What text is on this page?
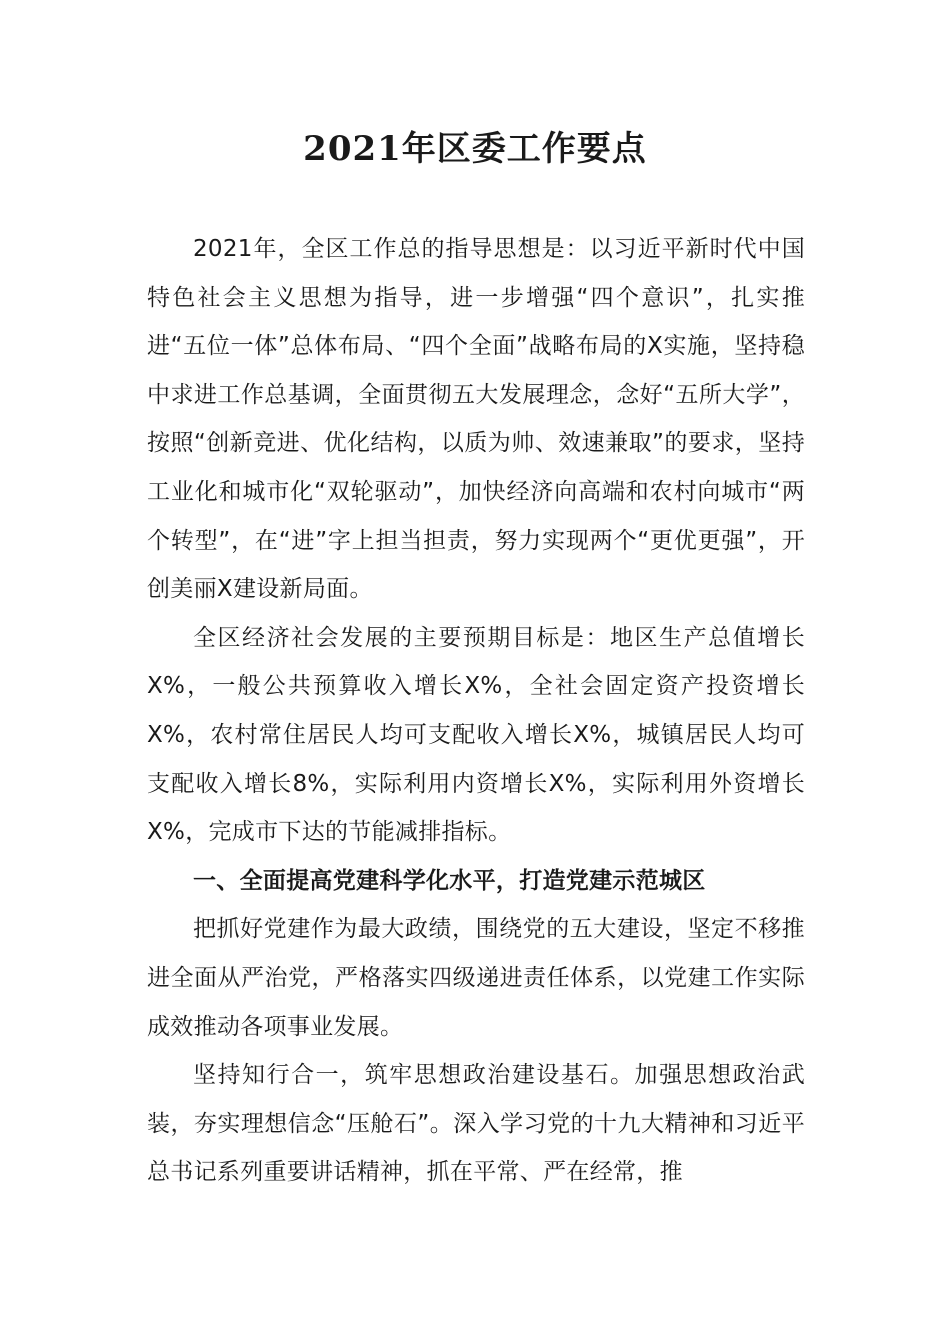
2021年区委工作要点

2021年，全区工作总的指导思想是：以习近平新时代中国特色社会主义思想为指导，进一步增强“四个意识”，扎实推进“五位一体”总体布局、“四个全面”战略布局的X实施，坚持稳中求进工作总基调，全面贯彻五大发展理念，念好“五所大学”，按照“创新竞进、优化结构，以质为帅、效速兼取”的要求，坚持工业化和城市化“双轮驱动”，加快经济向高端和农村向城市“两个转型”，在“进”字上担当担责，努力实现两个“更优更强”，开创美丽X建设新局面。

全区经济社会发展的主要预期目标是：地区生产总值增长X%，一般公共预算收入增长X%，全社会固定资产投资增长X%，农村常住居民人均可支配收入增长X%，城镇居民人均可支配收入增长8%，实际利用内资增长X%，实际利用外资增长X%，完成市下达的节能减排指标。

一、全面提高党建科学化水平，打造党建示范城区

把抓好党建作为最大政绩，围绕党的五大建设，坚定不移推进全面从严治党，严格落实四级递进责任体系，以党建工作实际成效推动各项事业发展。

坚持知行合一，筑牢思想政治建设基石。加强思想政治武装，夯实理想信念“压舱石”。深入学习党的十九大精神和习近平总书记系列重要讲话精神，抓在平常、严在经常，推
